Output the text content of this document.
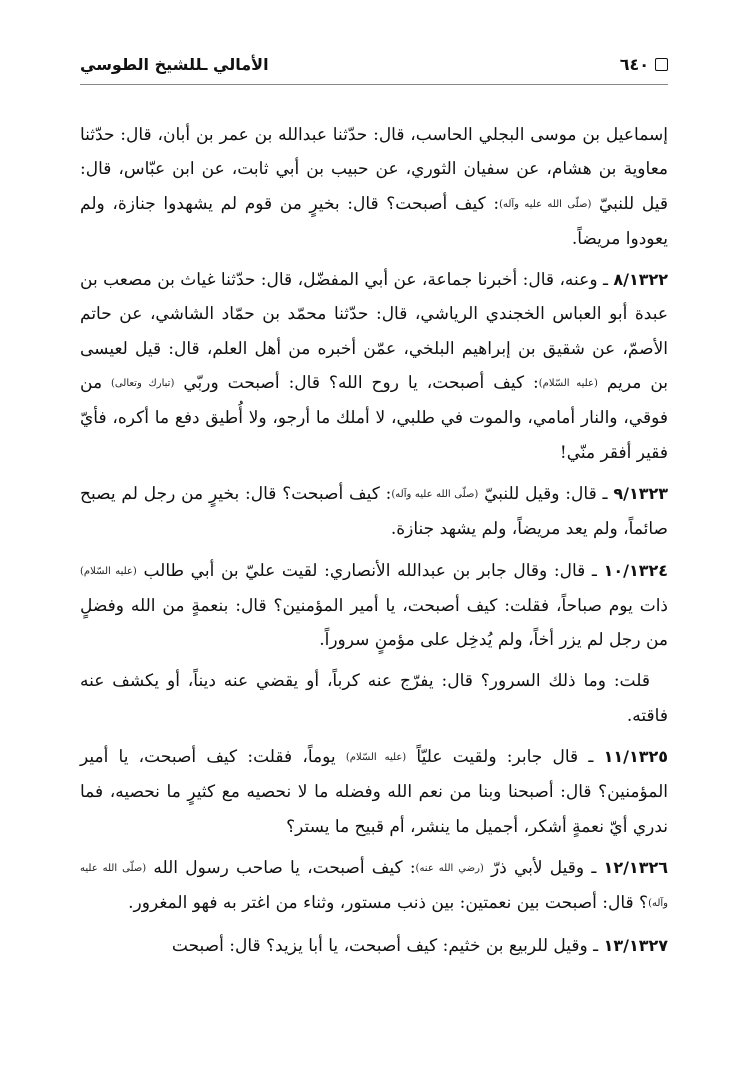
٦٤٠
الأمالي ـللشيخ الطوسي

إسماعيل بن موسى البجلي الحاسب، قال: حدّثنا عبدالله بن عمر بن أبان، قال: حدّثنا معاوية بن هشام، عن سفيان الثوري، عن حبيب بن أبي ثابت، عن ابن عبّاس، قال: قيل للنبيّ (صلّى الله عليه وآله): كيف أصبحت؟ قال: بخيرٍ من قوم لم يشهدوا جنازة، ولم يعودوا مريضاً.

٨/١٣٢٢ ـ وعنه، قال: أخبرنا جماعة، عن أبي المفضّل، قال: حدّثنا غياث بن مصعب بن عبدة أبو العباس الخجندي الرياشي، قال: حدّثنا محمّد بن حمّاد الشاشي، عن حاتم الأصمّ، عن شقيق بن إبراهيم البلخي، عمّن أخبره من أهل العلم، قال: قيل لعيسى بن مريم (عليه السّلام): كيف أصبحت، يا روح الله؟ قال: أصبحت وربّي (تبارك وتعالى) من فوقي، والنار أمامي، والموت في طلبي، لا أملك ما أرجو، ولا أُطيق دفع ما أكره، فأيّ فقير أفقر منّي!

٩/١٣٢٣ ـ قال: وقيل للنبيّ (صلّى الله عليه وآله): كيف أصبحت؟ قال: بخيرٍ من رجل لم يصبح صائماً، ولم يعد مريضاً، ولم يشهد جنازة.

١٠/١٣٢٤ ـ قال: وقال جابر بن عبدالله الأنصاري: لقيت عليّ بن أبي طالب (عليه السّلام) ذات يوم صباحاً، فقلت: كيف أصبحت، يا أمير المؤمنين؟ قال: بنعمةٍ من الله وفضلٍ من رجل لم يزر أخاً، ولم يُدخِل على مؤمنٍ سروراً.

قلت: وما ذلك السرور؟ قال: يفرّج عنه كرباً، أو يقضي عنه ديناً، أو يكشف عنه فاقته.

١١/١٣٢٥ ـ قال جابر: ولقيت عليّاً (عليه السّلام) يوماً، فقلت: كيف أصبحت، يا أمير المؤمنين؟ قال: أصبحنا وبنا من نعم الله وفضله ما لا نحصيه مع كثيرٍ ما نحصيه، فما ندري أيّ نعمةٍ أشكر، أجميل ما ينشر، أم قبيح ما يستر؟

١٢/١٣٢٦ ـ وقيل لأبي ذرّ (رضي الله عنه): كيف أصبحت، يا صاحب رسول الله (صلّى الله عليه وآله)؟ قال: أصبحت بين نعمتين: بين ذنب مستور، وثناء من اغتر به فهو المغرور.

١٣/١٣٢٧ ـ وقيل للربيع بن خثيم: كيف أصبحت، يا أبا يزيد؟ قال: أصبحت
